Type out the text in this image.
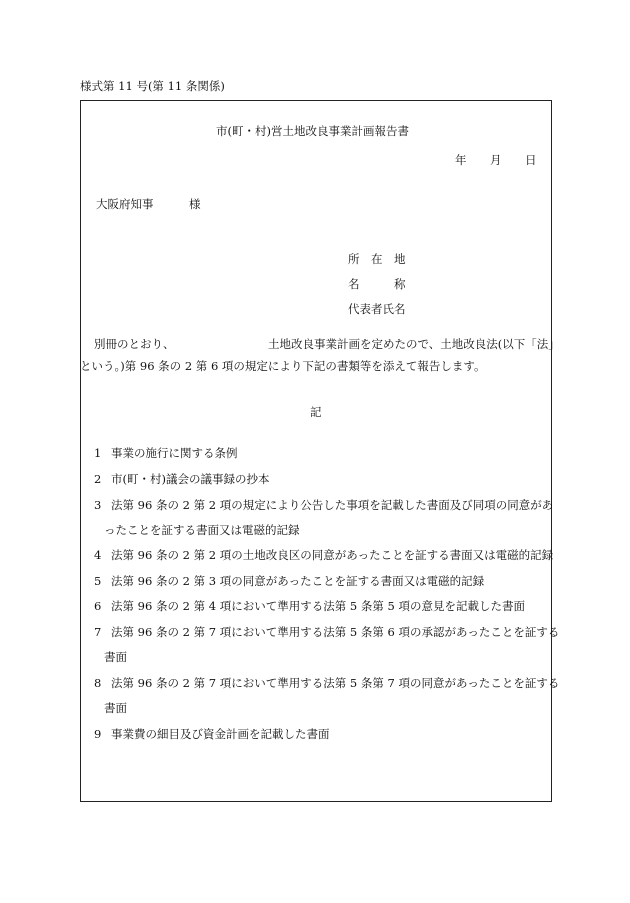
様式第 11 号(第 11 条関係)
市(町・村)営土地改良事業計画報告書
年 月 日
大阪府知事	様
所　在　地
名　　　称
代表者氏名
別冊のとおり、	土地改良事業計画を定めたので、土地改良法(以下「法」
という。)第 96 条の 2 第 6 項の規定により下記の書類等を添えて報告します。
記
1 事業の施行に関する条例
2 市(町・村)議会の議事録の抄本
3 法第 96 条の 2 第 2 項の規定により公告した事項を記載した書面及び同項の同意があ
ったことを証する書面又は電磁的記録
4 法第 96 条の 2 第 2 項の土地改良区の同意があったことを証する書面又は電磁的記録
5 法第 96 条の 2 第 3 項の同意があったことを証する書面又は電磁的記録
6 法第 96 条の 2 第 4 項において準用する法第 5 条第 5 項の意見を記載した書面
7 法第 96 条の 2 第 7 項において準用する法第 5 条第 6 項の承認があったことを証する
書面
8 法第 96 条の 2 第 7 項において準用する法第 5 条第 7 項の同意があったことを証する
書面
9 事業費の細目及び資金計画を記載した書面
